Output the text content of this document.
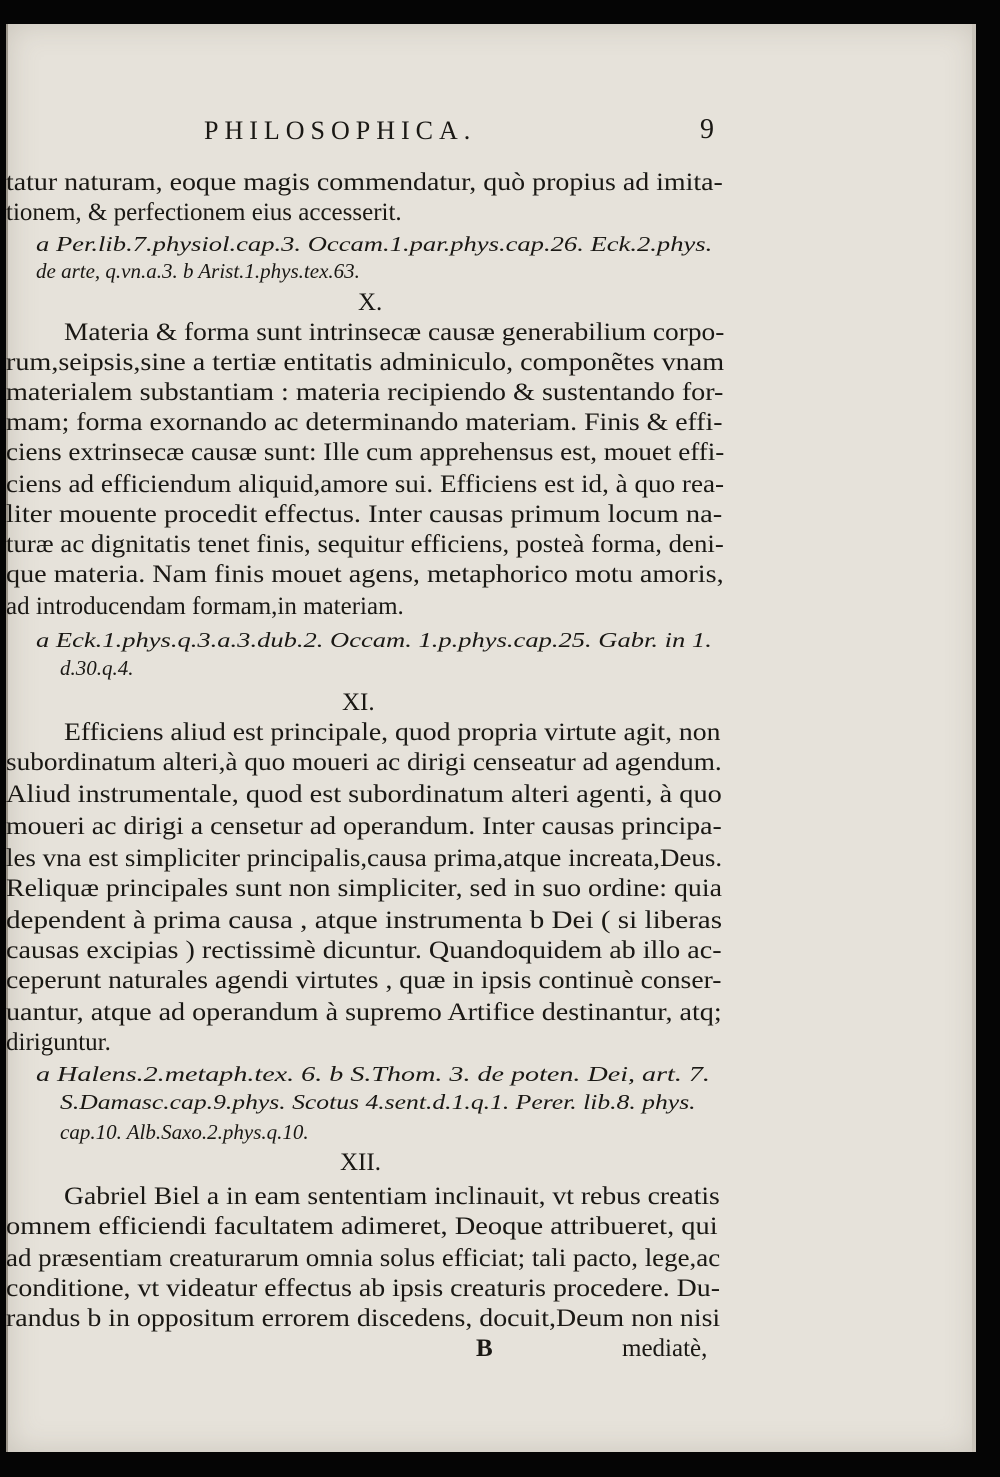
PHILOSOPHICA.	9
B	mediatè,
tatur naturam, eoque magis commendatur, quò propius ad imita-
tionem, & perfectionem eius accesserit.
a Per.lib.7.physiol.cap.3. Occam.1.par.phys.cap.26. Eck.2.phys.
de arte, q.vn.a.3. b Arist.1.phys.tex.63.
X.
Materia & forma sunt intrinsecæ causæ generabilium corpo-
rum,seipsis,sine a tertiæ entitatis adminiculo, componẽtes vnam
materialem substantiam : materia recipiendo & sustentando for-
mam; forma exornando ac determinando materiam. Finis & effi-
ciens extrinsecæ causæ sunt: Ille cum apprehensus est, mouet effi-
ciens ad efficiendum aliquid,amore sui. Efficiens est id, à quo rea-
liter mouente procedit effectus. Inter causas primum locum na-
turæ ac dignitatis tenet finis, sequitur efficiens, posteà forma, deni-
que materia. Nam finis mouet agens, metaphorico motu amoris,
ad introducendam formam,in materiam.
a Eck.1.phys.q.3.a.3.dub.2. Occam. 1.p.phys.cap.25. Gabr. in 1.
d.30.q.4.
XI.
Efficiens aliud est principale, quod propria virtute agit, non
subordinatum alteri,à quo moueri ac dirigi censeatur ad agendum.
Aliud instrumentale, quod est subordinatum alteri agenti, à quo
moueri ac dirigi a censetur ad operandum. Inter causas principa-
les vna est simpliciter principalis,causa prima,atque increata,Deus.
Reliquæ principales sunt non simpliciter, sed in suo ordine: quia
dependent à prima causa , atque instrumenta b Dei ( si liberas
causas excipias ) rectissimè dicuntur. Quandoquidem ab illo ac-
ceperunt naturales agendi virtutes , quæ in ipsis continuè conser-
uantur, atque ad operandum à supremo Artifice destinantur, atq;
diriguntur.
a Halens.2.metaph.tex. 6. b S.Thom. 3. de poten. Dei, art. 7.
S.Damasc.cap.9.phys. Scotus 4.sent.d.1.q.1. Perer. lib.8. phys.
cap.10. Alb.Saxo.2.phys.q.10.
XII.
Gabriel Biel a in eam sententiam inclinauit, vt rebus creatis
omnem efficiendi facultatem adimeret, Deoque attribueret, qui
ad præsentiam creaturarum omnia solus efficiat; tali pacto, lege,ac
conditione, vt videatur effectus ab ipsis creaturis procedere. Du-
randus b in oppositum errorem discedens, docuit,Deum non nisi
